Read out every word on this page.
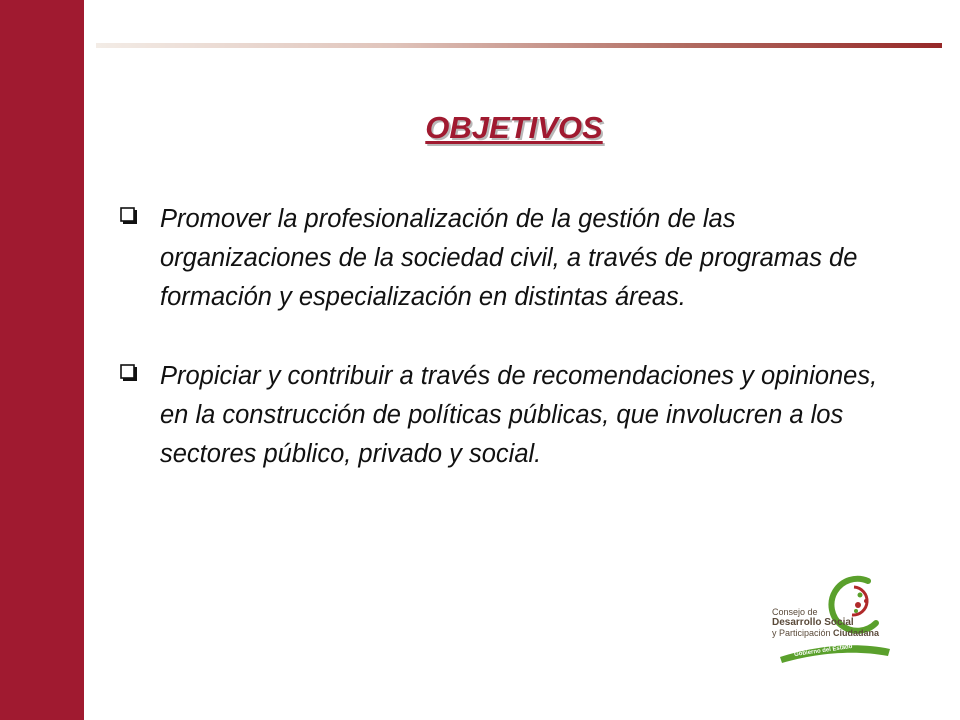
OBJETIVOS
Promover la profesionalización de la gestión de las organizaciones de la sociedad civil, a través de programas de formación y especialización en distintas áreas.
Propiciar y contribuir a través de recomendaciones y opiniones, en la construcción de políticas públicas, que involucren a los sectores público, privado y social.
Consejo de
Desarrollo Social
y Participación Ciudadana
Gobierno del Estado
